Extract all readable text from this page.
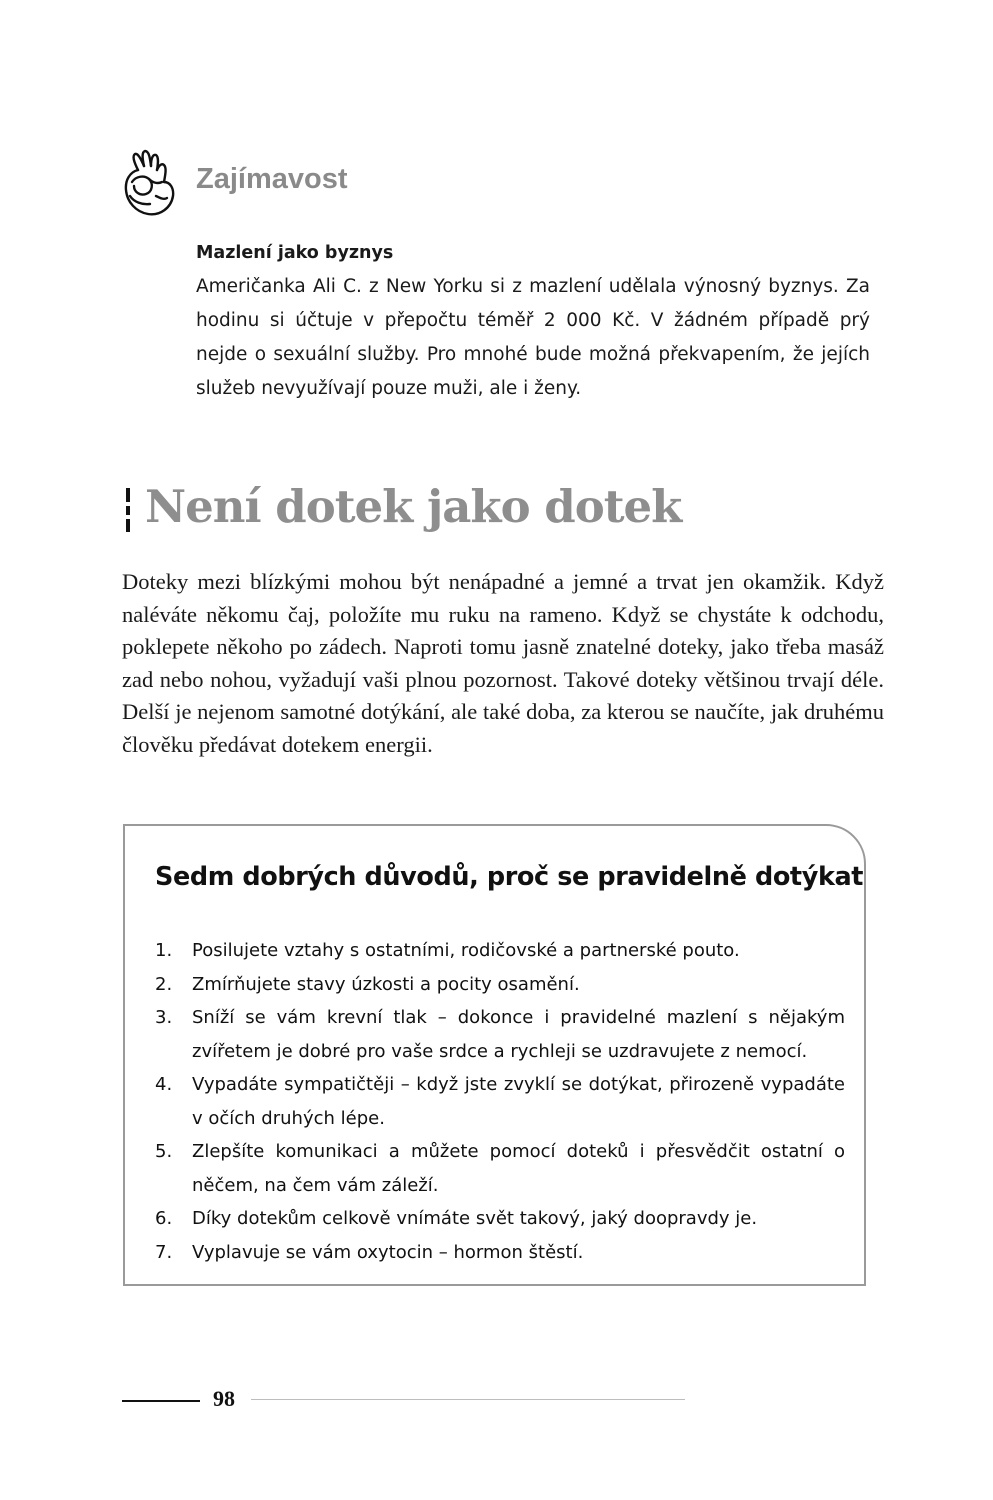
Zajímavost
Mazlení jako byznys
Američanka Ali C. z New Yorku si z mazlení udělala výnosný byznys. Za hodinu si účtuje v přepočtu téměř 2 000 Kč. V žádném případě prý nejde o sexuální služby. Pro mnohé bude možná překvapením, že jejích služeb nevyužívají pouze muži, ale i ženy.
Není dotek jako dotek

Doteky mezi blízkými mohou být nenápadné a jemné a trvat jen okamžik. Když naléváte někomu čaj, položíte mu ruku na rameno. Když se chystáte k odchodu, poklepete někoho po zádech. Naproti tomu jasně znatelné doteky, jako třeba masáž zad nebo nohou, vyžadují vaši plnou pozornost. Takové doteky většinou trvají déle. Delší je nejenom samotné dotýkání, ale také doba, za kterou se naučíte, jak druhému člověku předávat dotekem energii.

Sedm dobrých důvodů, proč se pravidelně dotýkat
1.	Posilujete vztahy s ostatními, rodičovské a partnerské pouto.
2.	Zmírňujete stavy úzkosti a pocity osamění.
3.	Sníží se vám krevní tlak – dokonce i pravidelné mazlení s nějakým zvířetem je dobré pro vaše srdce a rychleji se uzdravujete z nemocí.
4.	Vypadáte sympatičtěji – když jste zvyklí se dotýkat, přirozeně vypadáte v očích druhých lépe.
5.	Zlepšíte komunikaci a můžete pomocí doteků i přesvědčit ostatní o něčem, na čem vám záleží.
6.	Díky dotekům celkově vnímáte svět takový, jaký doopravdy je.
7.	Vyplavuje se vám oxytocin – hormon štěstí.
98
